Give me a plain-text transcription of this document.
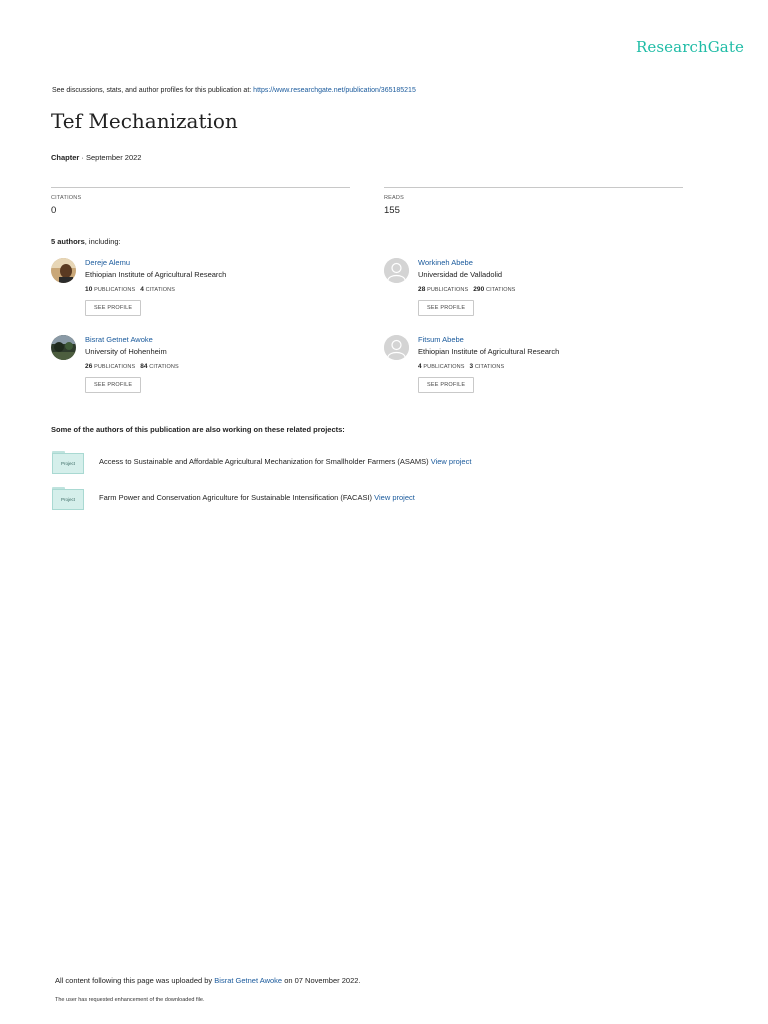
ResearchGate
See discussions, stats, and author profiles for this publication at: https://www.researchgate.net/publication/365185215
Tef Mechanization
Chapter · September 2022
CITATIONS
0
READS
155
5 authors, including:
Dereje Alemu
Ethiopian Institute of Agricultural Research
10 PUBLICATIONS 4 CITATIONS
SEE PROFILE
Workineh Abebe
Universidad de Valladolid
28 PUBLICATIONS 290 CITATIONS
SEE PROFILE
Bisrat Getnet Awoke
University of Hohenheim
26 PUBLICATIONS 84 CITATIONS
SEE PROFILE
Fitsum Abebe
Ethiopian Institute of Agricultural Research
4 PUBLICATIONS 3 CITATIONS
SEE PROFILE
Some of the authors of this publication are also working on these related projects:
Project	Access to Sustainable and Affordable Agricultural Mechanization for Smallholder Farmers (ASAMS) View project
Project	Farm Power and Conservation Agriculture for Sustainable Intensification (FACASI) View project
All content following this page was uploaded by Bisrat Getnet Awoke on 07 November 2022.
The user has requested enhancement of the downloaded file.
